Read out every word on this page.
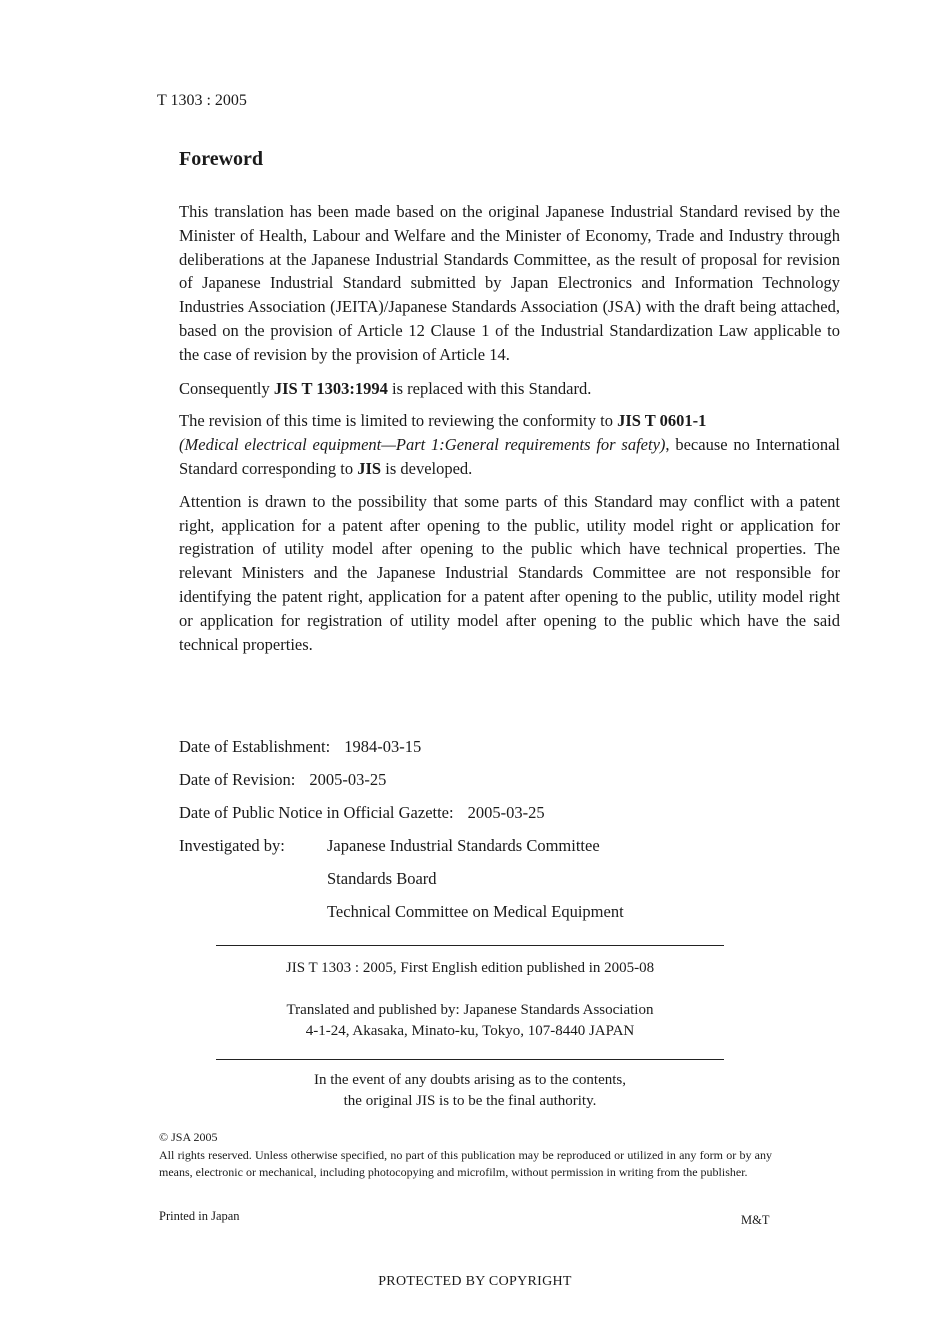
T 1303 : 2005
Foreword

This translation has been made based on the original Japanese Industrial Standard revised by the Minister of Health, Labour and Welfare and the Minister of Economy, Trade and Industry through deliberations at the Japanese Industrial Standards Committee, as the result of proposal for revision of Japanese Industrial Standard submitted by Japan Electronics and Information Technology Industries Association (JEITA)/Japanese Standards Association (JSA) with the draft being attached, based on the provision of Article 12 Clause 1 of the Industrial Standardization Law applicable to the case of revision by the provision of Article 14.

Consequently JIS T 1303:1994 is replaced with this Standard.

The revision of this time is limited to reviewing the conformity to JIS T 0601-1
(Medical electrical equipment—Part 1:General requirements for safety), because no International Standard corresponding to JIS is developed.

Attention is drawn to the possibility that some parts of this Standard may conflict with a patent right, application for a patent after opening to the public, utility model right or application for registration of utility model after opening to the public which have technical properties. The relevant Ministers and the Japanese Industrial Standards Committee are not responsible for identifying the patent right, application for a patent after opening to the public, utility model right or application for registration of utility model after opening to the public which have the said technical properties.

Date of Establishment: 1984-03-15
Date of Revision: 2005-03-25
Date of Public Notice in Official Gazette: 2005-03-25
Investigated by:	Japanese Industrial Standards Committee
Standards Board
Technical Committee on Medical Equipment
JIS T 1303 : 2005, First English edition published in 2005-08
Translated and published by: Japanese Standards Association
4-1-24, Akasaka, Minato-ku, Tokyo, 107-8440 JAPAN
In the event of any doubts arising as to the contents,
the original JIS is to be the final authority.
© JSA 2005
All rights reserved. Unless otherwise specified, no part of this publication may be reproduced or utilized in any form or by any means, electronic or mechanical, including photocopying and microfilm, without permission in writing from the publisher.
Printed in Japan	M&T
PROTECTED BY COPYRIGHT
